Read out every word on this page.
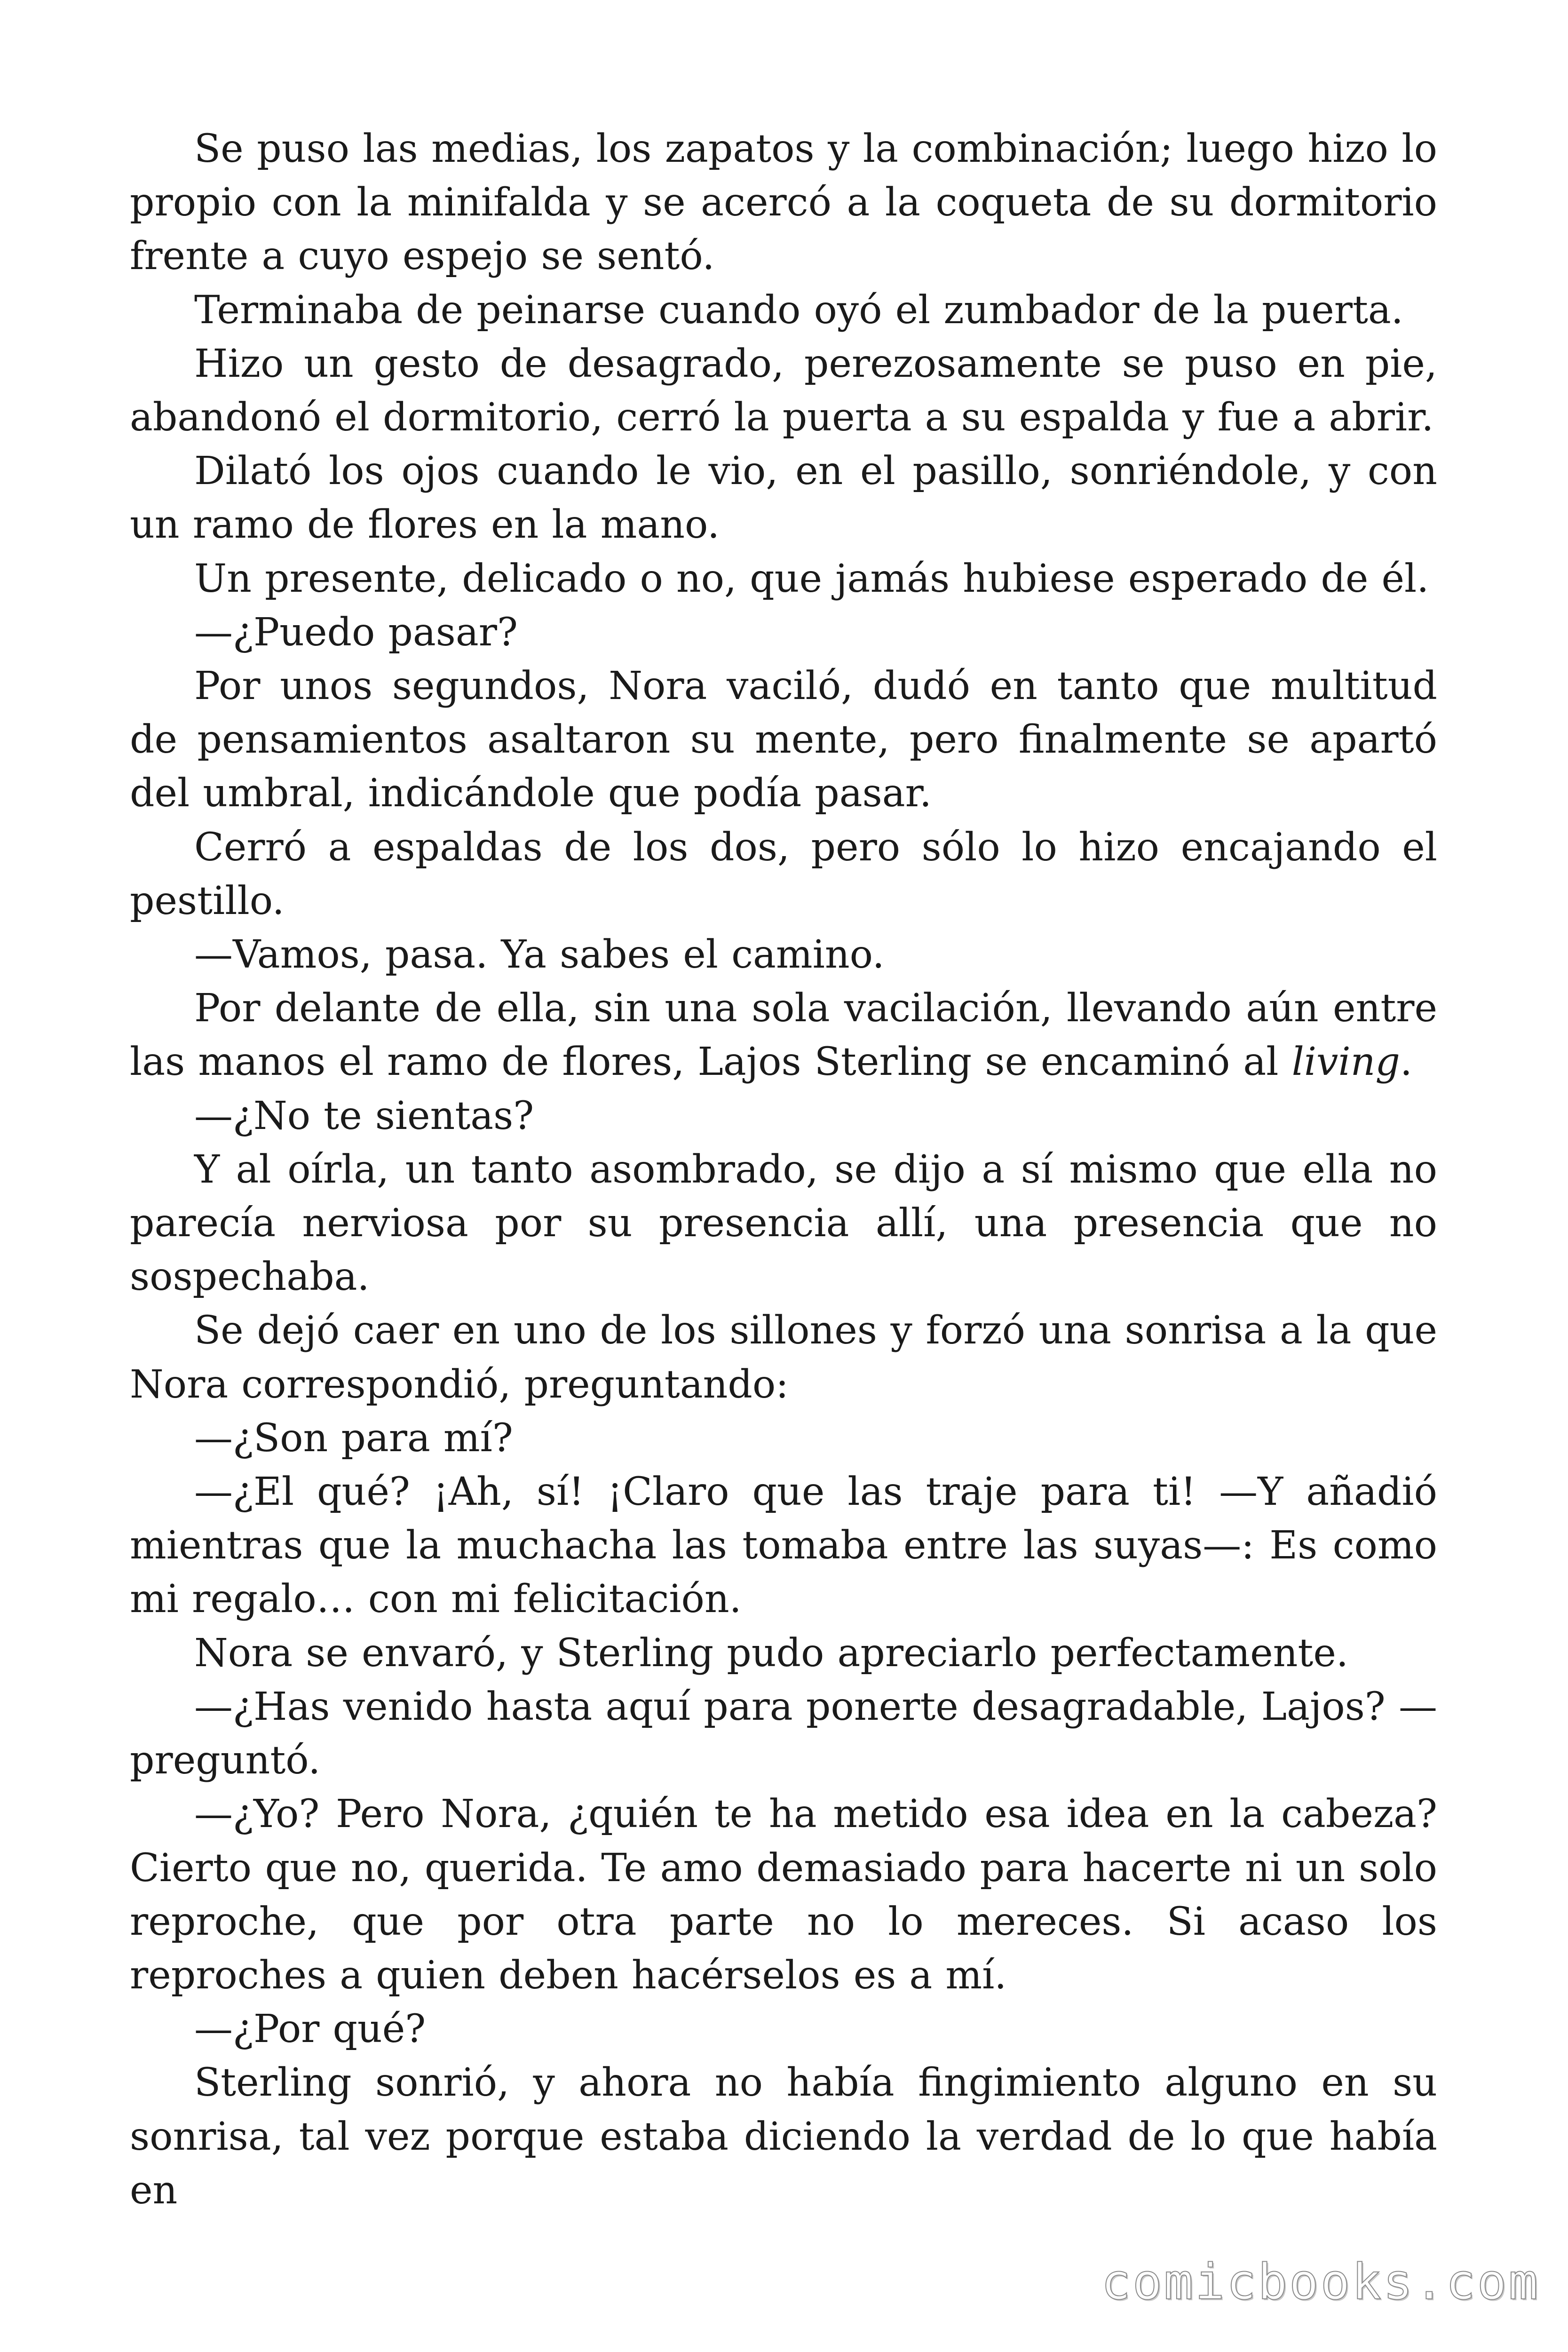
Se puso las medias, los zapatos y la combinación; luego hizo lo propio con la minifalda y se acercó a la coqueta de su dormitorio frente a cuyo espejo se sentó.

Terminaba de peinarse cuando oyó el zumbador de la puerta.

Hizo un gesto de desagrado, perezosamente se puso en pie, abandonó el dormitorio, cerró la puerta a su espalda y fue a abrir.

Dilató los ojos cuando le vio, en el pasillo, sonriéndole, y con un ramo de flores en la mano.

Un presente, delicado o no, que jamás hubiese esperado de él.

—¿Puedo pasar?

Por unos segundos, Nora vaciló, dudó en tanto que multitud de pensamientos asaltaron su mente, pero finalmente se apartó del umbral, indicándole que podía pasar.

Cerró a espaldas de los dos, pero sólo lo hizo encajando el pestillo.

—Vamos, pasa. Ya sabes el camino.

Por delante de ella, sin una sola vacilación, llevando aún entre las manos el ramo de flores, Lajos Sterling se encaminó al living.

—¿No te sientas?

Y al oírla, un tanto asombrado, se dijo a sí mismo que ella no parecía nerviosa por su presencia allí, una presencia que no sospechaba.

Se dejó caer en uno de los sillones y forzó una sonrisa a la que Nora correspondió, preguntando:

—¿Son para mí?

—¿El qué? ¡Ah, sí! ¡Claro que las traje para ti! —Y añadió mientras que la muchacha las tomaba entre las suyas—: Es como mi regalo… con mi felicitación.

Nora se envaró, y Sterling pudo apreciarlo perfectamente.

—¿Has venido hasta aquí para ponerte desagradable, Lajos? —preguntó.

—¿Yo? Pero Nora, ¿quién te ha metido esa idea en la cabeza? Cierto que no, querida. Te amo demasiado para hacerte ni un solo reproche, que por otra parte no lo mereces. Si acaso los reproches a quien deben hacérselos es a mí.

—¿Por qué?

Sterling sonrió, y ahora no había fingimiento alguno en su sonrisa, tal vez porque estaba diciendo la verdad de lo que había en

comicbooks.com
